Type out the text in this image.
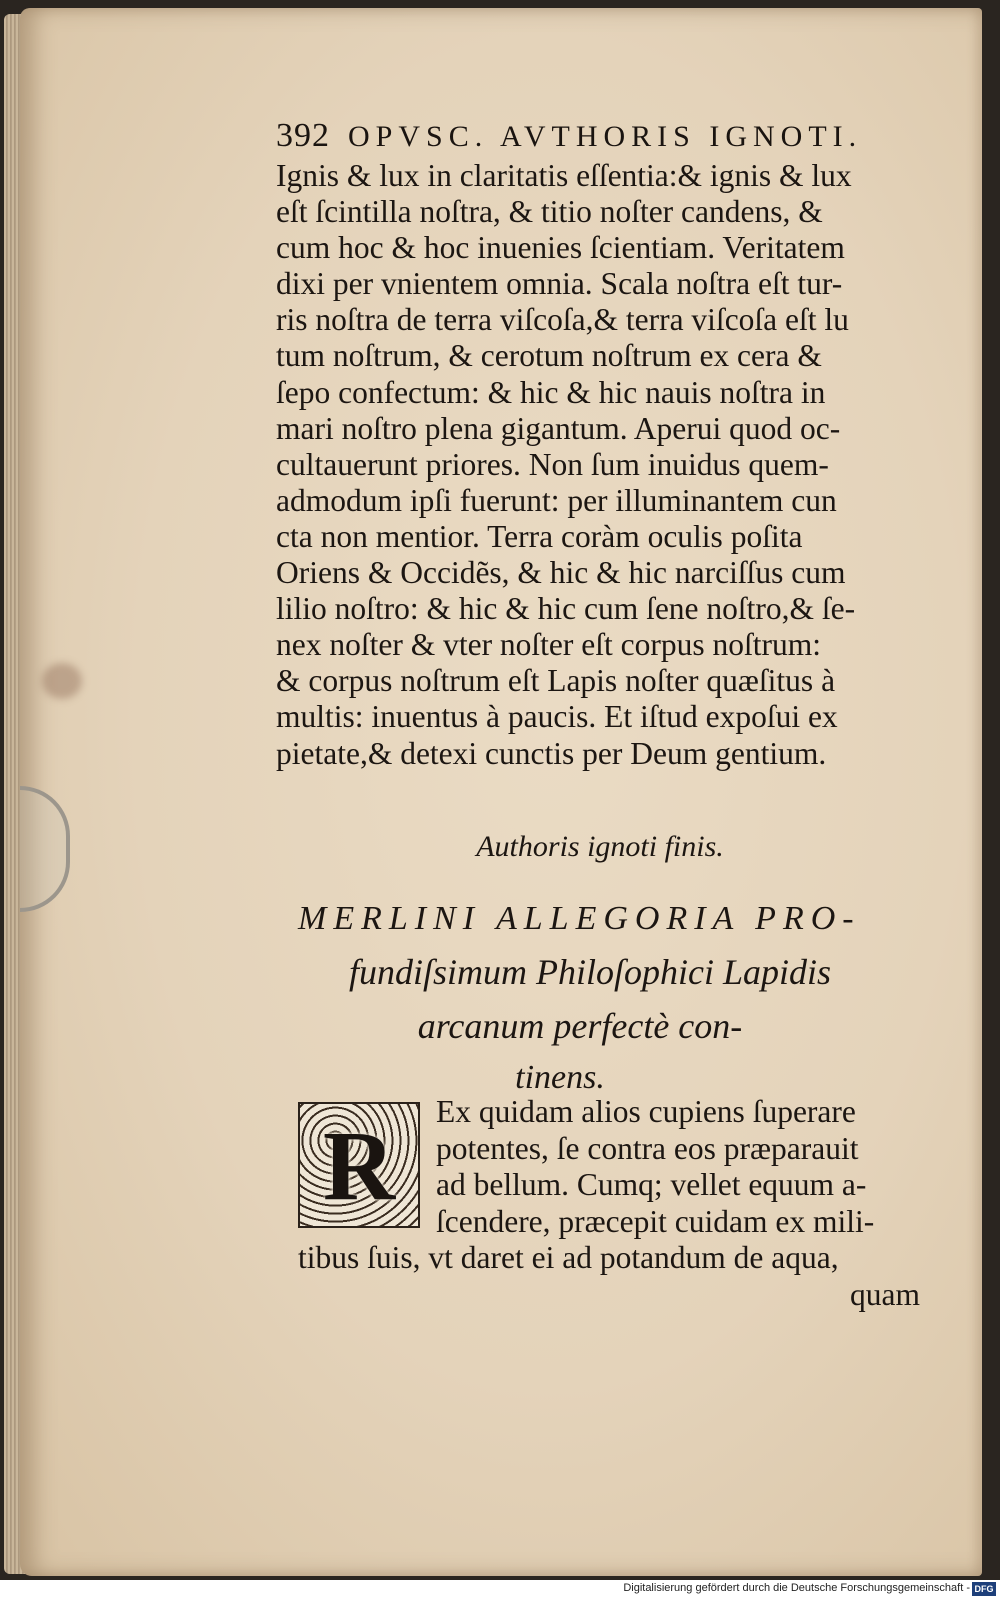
392 OPVSC. AVTHORIS IGNOTI.
Ignis & lux in claritatis eſſentia:& ignis & lux
eſt ſcintilla noſtra, & titio noſter candens, &
cum hoc & hoc inuenies ſcientiam. Veritatem
dixi per vnientem omnia. Scala noſtra eſt tur-
ris noſtra de terra viſcoſa,& terra viſcoſa eſt lu
tum noſtrum, & cerotum noſtrum ex cera &
ſepo confectum: & hic & hic nauis noſtra in
mari noſtro plena gigantum. Aperui quod oc-
cultauerunt priores. Non ſum inuidus quem-
admodum ipſi fuerunt: per illuminantem cun
cta non mentior. Terra coràm oculis poſita
Oriens & Occidẽs, & hic & hic narciſſus cum
lilio noſtro: & hic & hic cum ſene noſtro,& ſe-
nex noſter & vter noſter eſt corpus noſtrum:
& corpus noſtrum eſt Lapis noſter quæſitus à
multis: inuentus à paucis. Et iſtud expoſui ex
pietate,& detexi cunctis per Deum gentium.
Authoris ignoti finis.
MERLINI ALLEGORIA PRO-
fundiſsimum Philoſophici Lapidis
arcanum perfectè con-
tinens.
R	Ex quidam alios cupiens ſuperare
potentes, ſe contra eos præparauit
ad bellum. Cumq; vellet equum a-
ſcendere, præcepit cuidam ex mili-
tibus ſuis, vt daret ei ad potandum de aqua,
quam
Digitalisierung gefördert durch die Deutsche Forschungsgemeinschaft - DFG
